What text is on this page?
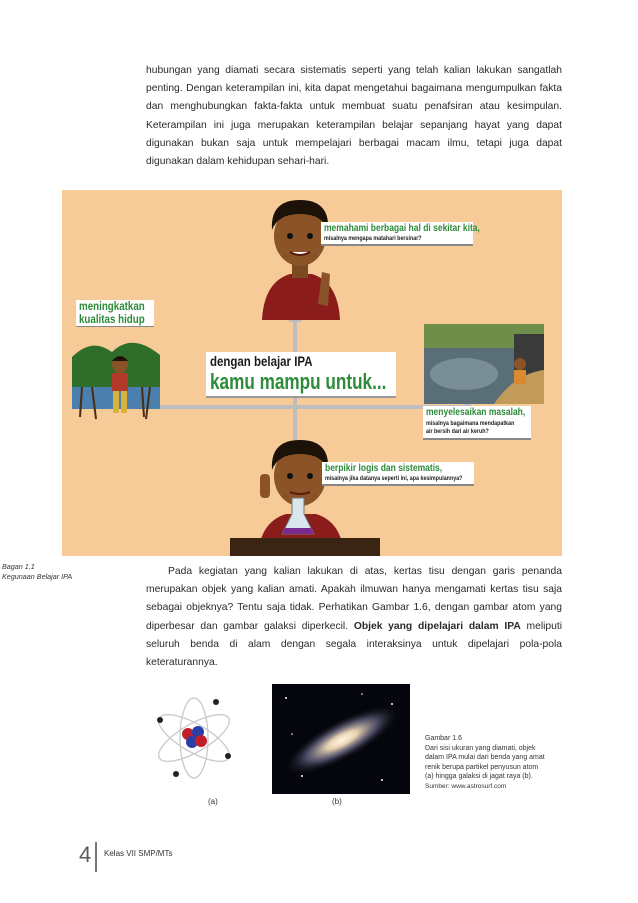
hubungan yang diamati secara sistematis seperti yang telah kalian lakukan sangatlah penting. Dengan keterampilan ini, kita dapat mengetahui bagaimana mengumpulkan fakta dan menghubungkan fakta-fakta untuk membuat suatu penafsiran atau kesimpulan. Keterampilan ini juga merupakan keterampilan belajar sepanjang hayat yang dapat digunakan bukan saja untuk mempelajari berbagai macam ilmu, tetapi juga dapat digunakan dalam kehidupan sehari-hari.

memahami berbagai hal di sekitar kita,
misalnya mengapa matahari bersinar?
meningkatkan kualitas hidup
dengan belajar IPA
kamu mampu untuk...
menyelesaikan masalah,
misalnya bagaimana mendapatkan air bersih dari air keruh?
berpikir logis dan sistematis,
misalnya jika datanya seperti ini, apa kesimpulannya?
Bagan 1.1
Kegunaan Belajar IPA	Pada kegiatan yang kalian lakukan di atas, kertas tisu dengan garis penanda merupakan objek yang kalian amati. Apakah ilmuwan hanya mengamati kertas tisu saja sebagai objeknya? Tentu saja tidak. Perhatikan Gambar 1.6, dengan gambar atom yang diperbesar dan gambar galaksi diperkecil. Objek yang dipelajari dalam IPA meliputi seluruh benda di alam dengan segala interaksinya untuk dipelajari pola-pola keteraturannya.

(a)	(b)
Gambar 1.6
Dari sisi ukuran yang diamati, objek dalam IPA mulai dari benda yang amat renik berupa partikel penyusun atom (a) hingga galaksi di jagat raya (b).
Sumber: www.astrosurf.com
4 Kelas VII SMP/MTs
